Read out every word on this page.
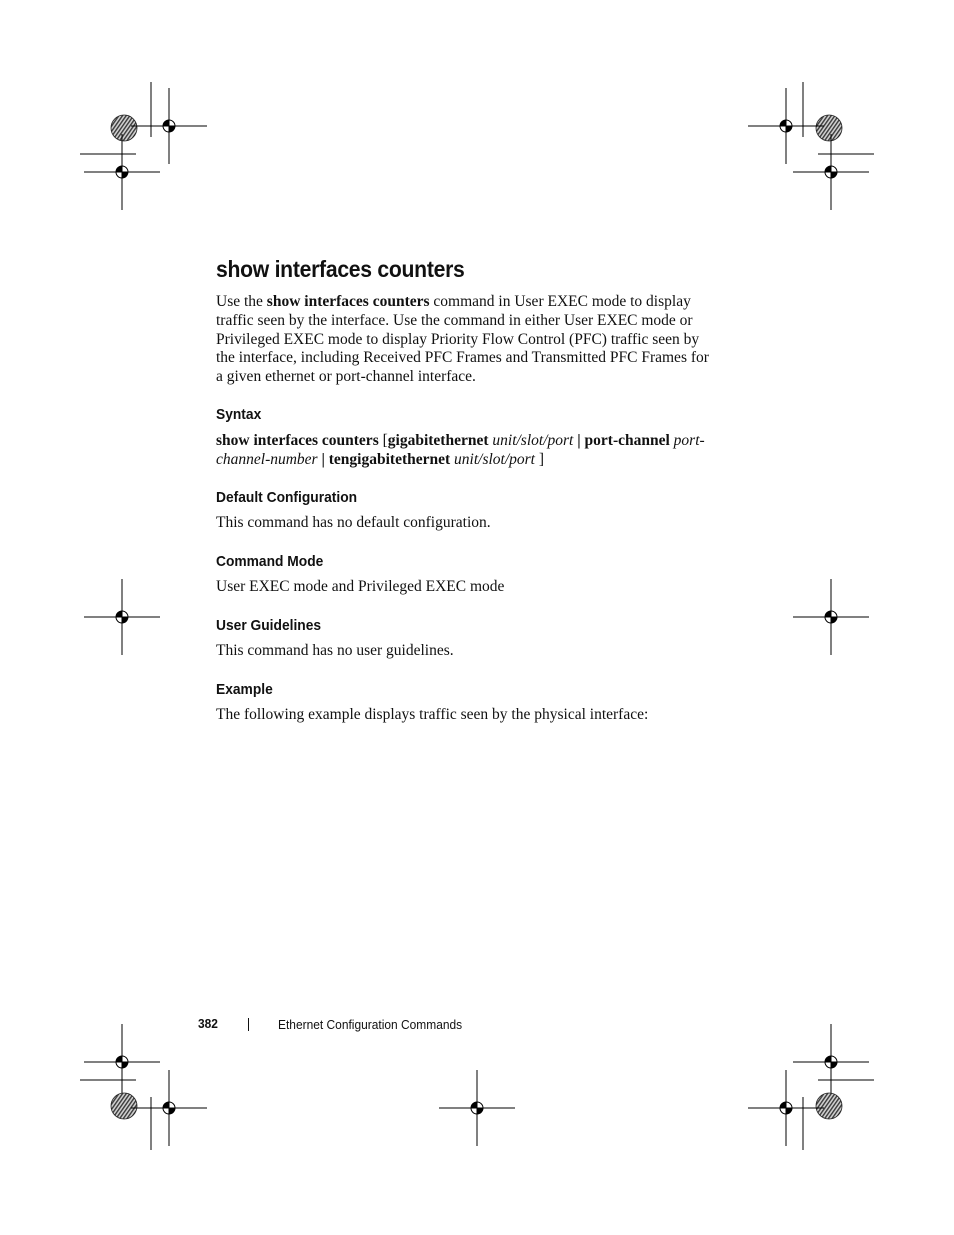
show interfaces counters

Use the show interfaces counters command in User EXEC mode to display traffic seen by the interface. Use the command in either User EXEC mode or Privileged EXEC mode to display Priority Flow Control (PFC) traffic seen by the interface, including Received PFC Frames and Transmitted PFC Frames for a given ethernet or port-channel interface.

Syntax

show interfaces counters [gigabitethernet unit/slot/port | port-channel port-channel-number | tengigabitethernet unit/slot/port ]

Default Configuration

This command has no default configuration.

Command Mode

User EXEC mode and Privileged EXEC mode

User Guidelines

This command has no user guidelines.

Example

The following example displays traffic seen by the physical interface:

382	Ethernet Configuration Commands
